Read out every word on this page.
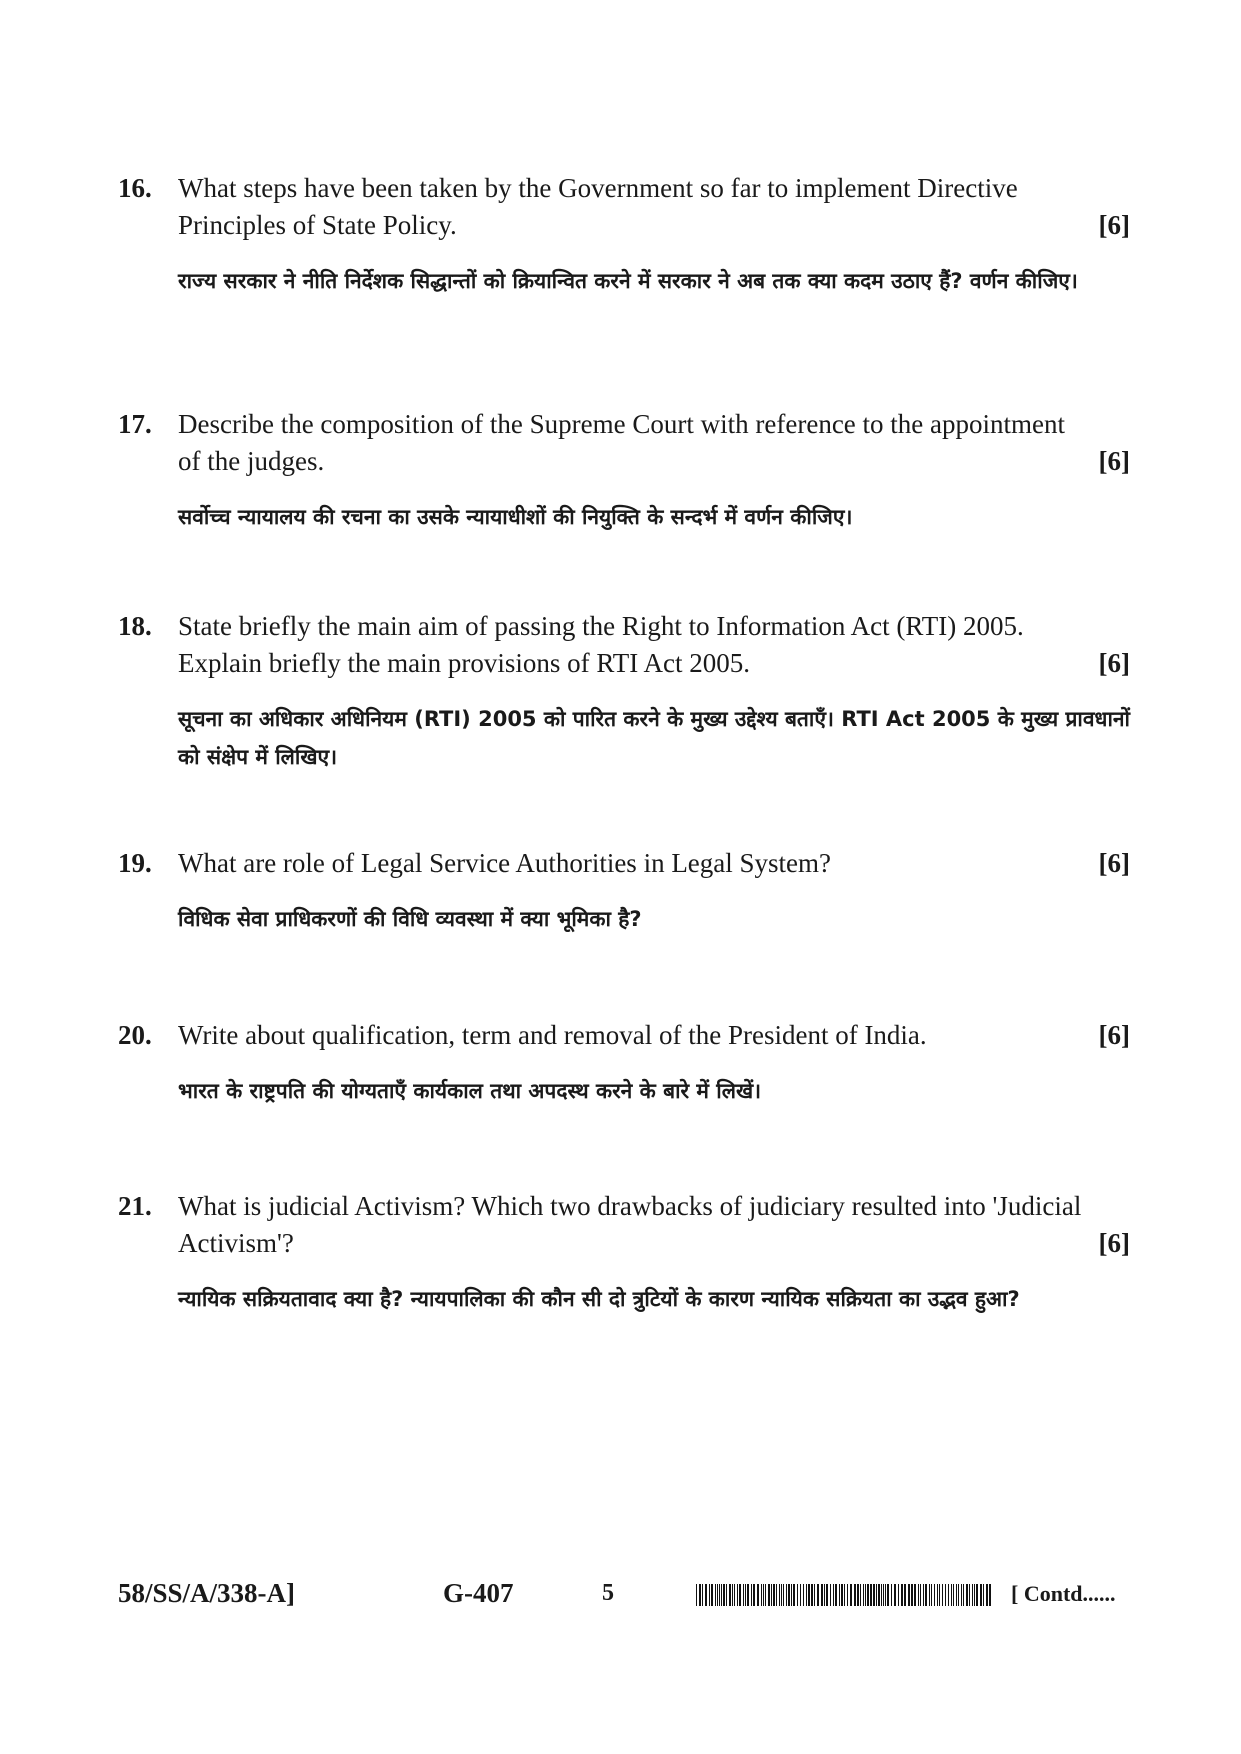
16. What steps have been taken by the Government so far to implement Directive
Principles of State Policy.	[6]
राज्य सरकार ने नीति निर्देशक सिद्धान्तों को क्रियान्वित करने में सरकार ने अब तक क्या कदम उठाए हैं? वर्णन कीजिए।
17. Describe the composition of the Supreme Court with reference to the appointment
of the judges.	[6]
सर्वोच्च न्यायालय की रचना का उसके न्यायाधीशों की नियुक्ति के सन्दर्भ में वर्णन कीजिए।
18. State briefly the main aim of passing the Right to Information Act (RTI) 2005.
Explain briefly the main provisions of RTI Act 2005.	[6]
सूचना का अधिकार अधिनियम (RTI) 2005 को पारित करने के मुख्य उद्देश्य बताएँ। RTI Act 2005 के मुख्य प्रावधानों को संक्षेप में लिखिए।
19. What are role of Legal Service Authorities in Legal System?	[6]
विधिक सेवा प्राधिकरणों की विधि व्यवस्था में क्या भूमिका है?
20. Write about qualification, term and removal of the President of India.	[6]
भारत के राष्ट्रपति की योग्यताएँ कार्यकाल तथा अपदस्थ करने के बारे में लिखें।
21. What is judicial Activism? Which two drawbacks of judiciary resulted into 'Judicial
Activism'?	[6]
न्यायिक सक्रियतावाद क्या है? न्यायपालिका की कौन सी दो त्रुटियों के कारण न्यायिक सक्रियता का उद्भव हुआ?
58/SS/A/338-A]	G-407	5	[ Contd......
